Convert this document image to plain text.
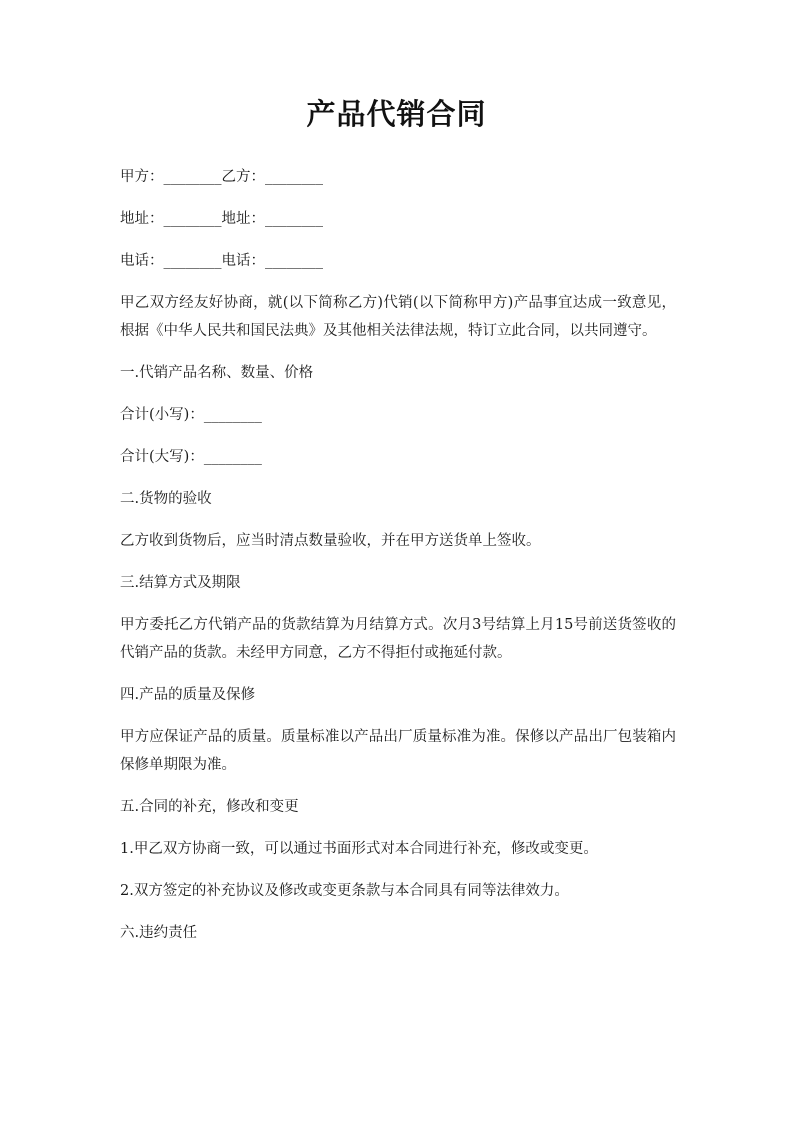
产品代销合同

甲方：________乙方：________

地址：________地址：________

电话：________电话：________

甲乙双方经友好协商，就(以下简称乙方)代销(以下简称甲方)产品事宜达成一致意见，根据《中华人民共和国民法典》及其他相关法律法规，特订立此合同，以共同遵守。

一.代销产品名称、数量、价格

合计(小写)：________

合计(大写)：________

二.货物的验收

乙方收到货物后，应当时清点数量验收，并在甲方送货单上签收。

三.结算方式及期限

甲方委托乙方代销产品的货款结算为月结算方式。次月3号结算上月15号前送货签收的代销产品的货款。未经甲方同意，乙方不得拒付或拖延付款。

四.产品的质量及保修

甲方应保证产品的质量。质量标准以产品出厂质量标准为准。保修以产品出厂包装箱内保修单期限为准。

五.合同的补充，修改和变更

1.甲乙双方协商一致，可以通过书面形式对本合同进行补充，修改或变更。

2.双方签定的补充协议及修改或变更条款与本合同具有同等法律效力。

六.违约责任
